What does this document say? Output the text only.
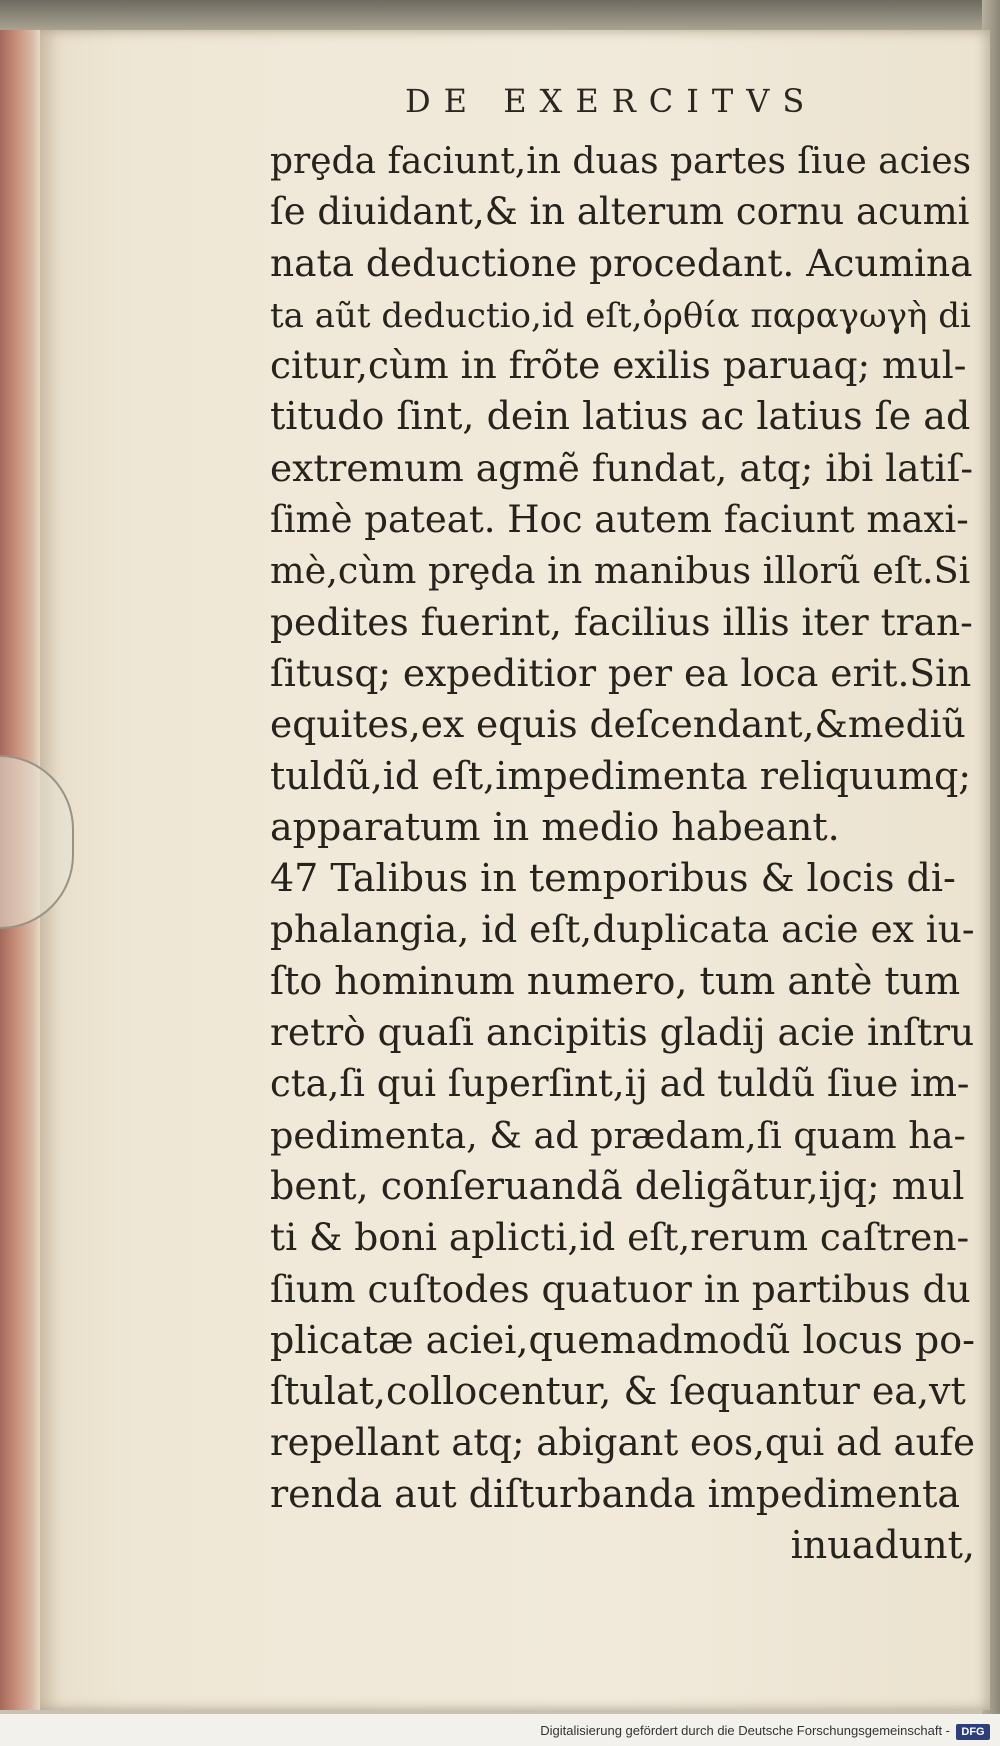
DE EXERCITVS
prȩda faciunt,in duas partes ſiue acies
ſe diuidant,& in alterum cornu acumi
nata deductione procedant. Acumina
ta aũt deductio,id eſt,ὀρθία παραγωγὴ di
citur,cùm in frõte exilis paruaq; mul-
titudo ſint, dein latius ac latius ſe ad
extremum agmẽ fundat, atq; ibi latiſ-
ſimè pateat. Hoc autem faciunt maxi-
mè,cùm prȩda in manibus illorũ eſt.Si
pedites fuerint, facilius illis iter tran-
ſitusq; expeditior per ea loca erit.Sin
equites,ex equis deſcendant,&mediũ
tuldũ,id eſt,impedimenta reliquumq;
apparatum in medio habeant.
47 Talibus in temporibus & locis di-
phalangia, id eſt,duplicata acie ex iu-
ſto hominum numero, tum antè tum
retrò quaſi ancipitis gladij acie inſtru
cta,ſi qui ſuperſint,ij ad tuldũ ſiue im-
pedimenta, & ad prædam,ſi quam ha-
bent, conſeruandã deligãtur,ijq; mul
ti & boni aplicti,id eſt,rerum caſtren-
ſium cuſtodes quatuor in partibus du
plicatæ aciei,quemadmodũ locus po-
ſtulat,collocentur, & ſequantur ea,vt
repellant atq; abigant eos,qui ad aufe
renda aut diſturbanda impedimenta
inuadunt,
Digitalisierung gefördert durch die Deutsche Forschungsgemeinschaft -	DFG
